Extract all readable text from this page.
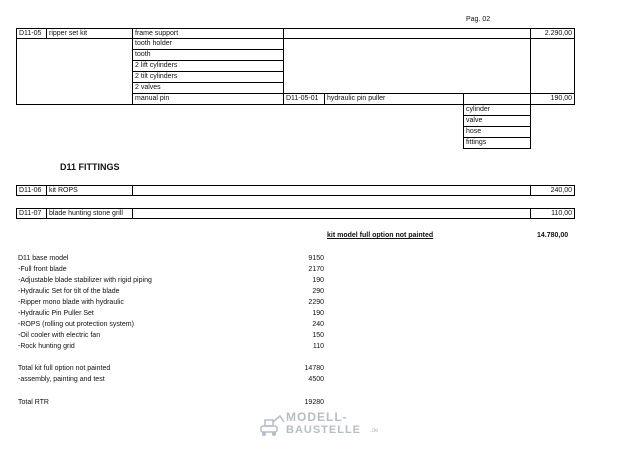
Pag. 02
D11-05	ripper set kit	frame support	2.290,00
tooth holder
tooth
2 lift cylinders
2 tilt cylinders
2 valves
manual pin	D11-05-01	hydraulic pin puller	190,00
cylinder
valve
hose
fittings
D11 FITTINGS
D11-06	kit ROPS	240,00
D11-07	blade hunting stone grill	110,00
kit model full option not painted	14.780,00
D11 base model	9150
-Full front blade	2170
-Adjustable blade stabilizer with rigid piping	190
-Hydraulic Set for tilt of the blade	290
-Ripper mono blade with hydraulic	2290
-Hydraulic Pin Puller Set	190
-ROPS (rolling out protection system)	240
-Oil cooler with electric fan	150
-Rock hunting grid	110
Total kit full option not painted	14780
-assembly, painting and test	4500
Total RTR	19280
MODELL-
BAUSTELLE .de
